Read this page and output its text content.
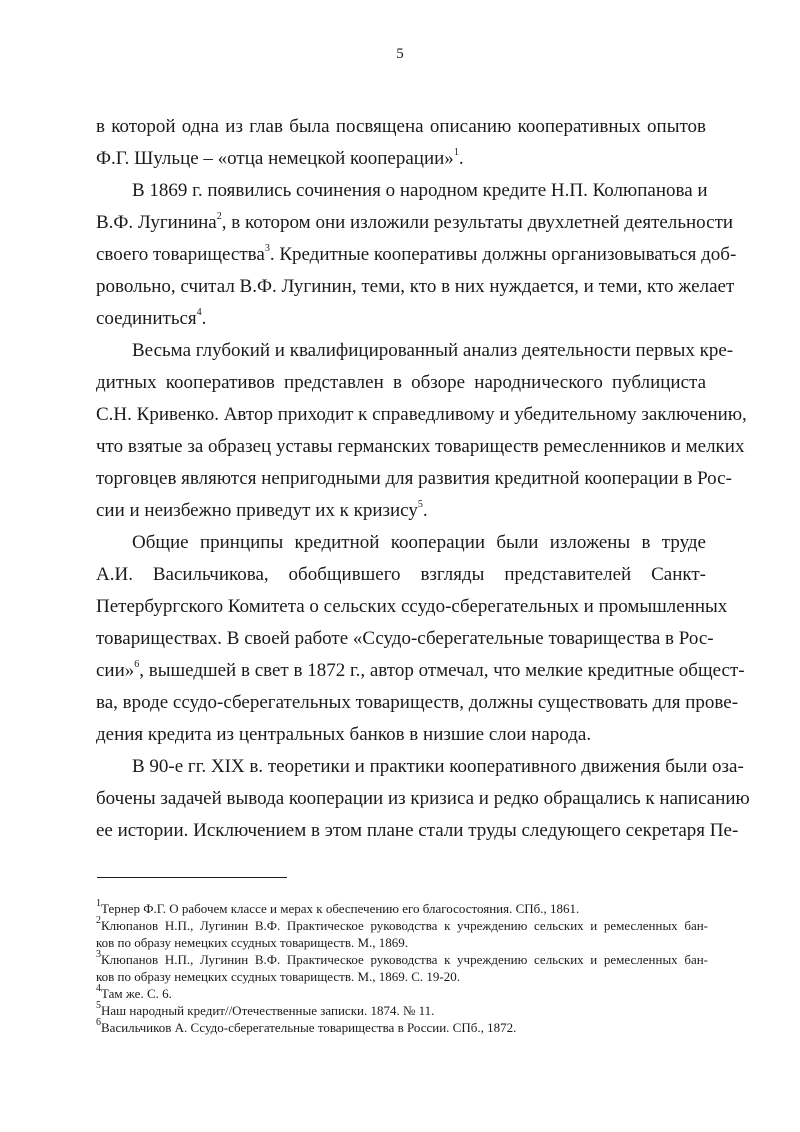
5
в которой одна из глав была посвящена описанию кооперативных опытов
Ф.Г. Шульце – «отца немецкой кооперации»$^1$.
В 1869 г. появились сочинения о народном кредите Н.П. Колюпанова и
В.Ф. Лугинина$^2$, в котором они изложили результаты двухлетней деятельности
своего товарищества$^3$. Кредитные кооперативы должны организовываться доб-
ровольно, считал В.Ф. Лугинин, теми, кто в них нуждается, и теми, кто желает
соединиться$^4$.
Весьма глубокий и квалифицированный анализ деятельности первых кре-
дитных кооперативов представлен в обзоре народнического публициста
С.Н. Кривенко. Автор приходит к справедливому и убедительному заключению,
что взятые за образец уставы германских товариществ ремесленников и мелких
торговцев являются непригодными для развития кредитной кооперации в Рос-
сии и неизбежно приведут их к кризису$^5$.
Общие принципы кредитной кооперации были изложены в труде
А.И. Васильчикова, обобщившего взгляды представителей Санкт-
Петербургского Комитета о сельских ссудо-сберегательных и промышленных
товариществах. В своей работе «Ссудо-сберегательные товарищества в Рос-
сии»$^6$, вышедшей в свет в 1872 г., автор отмечал, что мелкие кредитные общест-
ва, вроде ссудо-сберегательных товариществ, должны существовать для прове-
дения кредита из центральных банков в низшие слои народа.
В 90-е гг. XIX в. теоретики и практики кооперативного движения были оза-
бочены задачей вывода кооперации из кризиса и редко обращались к написанию
ее истории. Исключением в этом плане стали труды следующего секретаря Пе-
$^1$Тернер Ф.Г. О рабочем классе и мерах к обеспечению его благосостояния. СПб., 1861.
$^2$Клюпанов Н.П., Лугинин В.Ф. Практическое руководства к учреждению сельских и ремесленных бан-
ков по образу немецких ссудных товариществ. М., 1869.
$^3$Клюпанов Н.П., Лугинин В.Ф. Практическое руководства к учреждению сельских и ремесленных бан-
ков по образу немецких ссудных товариществ. М., 1869. С. 19-20.
$^4$Там же. С. 6.
$^5$Наш народный кредит//Отечественные записки. 1874. № 11.
$^6$Васильчиков А. Ссудо-сберегательные товарищества в России. СПб., 1872.
